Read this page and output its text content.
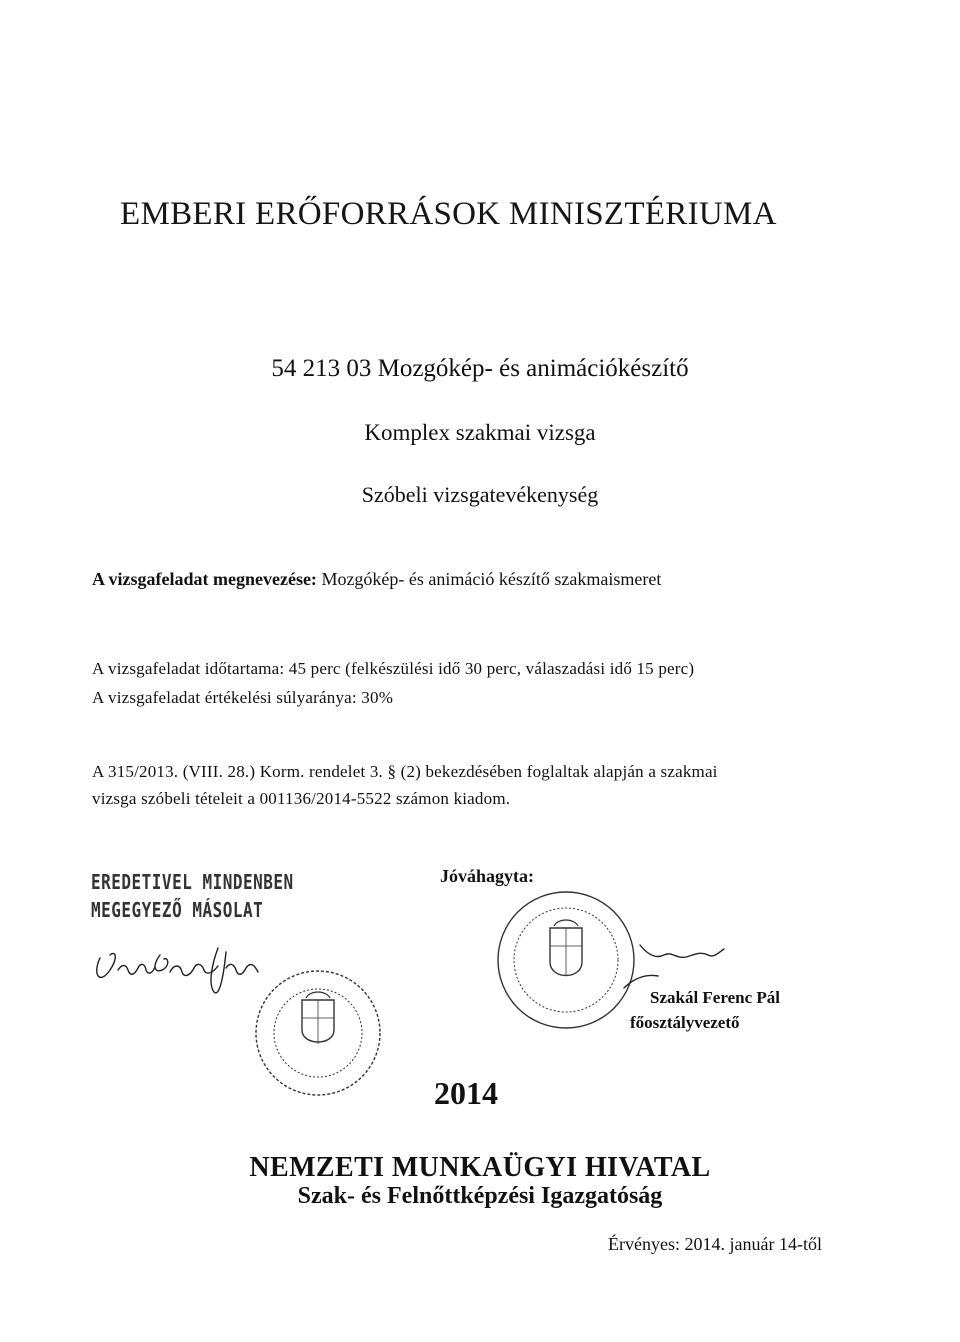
EMBERI ERŐFORRÁSOK MINISZTÉRIUMA
54 213 03 Mozgókép- és animációkészítő
Komplex szakmai vizsga
Szóbeli vizsgatevékenység
A vizsgafeladat megnevezése: Mozgókép- és animáció készítő szakmaismeret
A vizsgafeladat időtartama: 45 perc (felkészülési idő 30 perc, válaszadási idő 15 perc)
A vizsgafeladat értékelési súlyaránya: 30%
A 315/2013. (VIII. 28.) Korm. rendelet 3. § (2) bekezdésében foglaltak alapján a szakmai
vizsga szóbeli tételeit a 001136/2014-5522 számon kiadom.
EREDETIVEL MINDENBEN
MEGEGYEZŐ MÁSOLAT
Jóváhagyta:
Szakál Ferenc Pál
főosztályvezető
2014
NEMZETI MUNKAÜGYI HIVATAL
Szak- és Felnőttképzési Igazgatóság
Érvényes: 2014. január 14-től
